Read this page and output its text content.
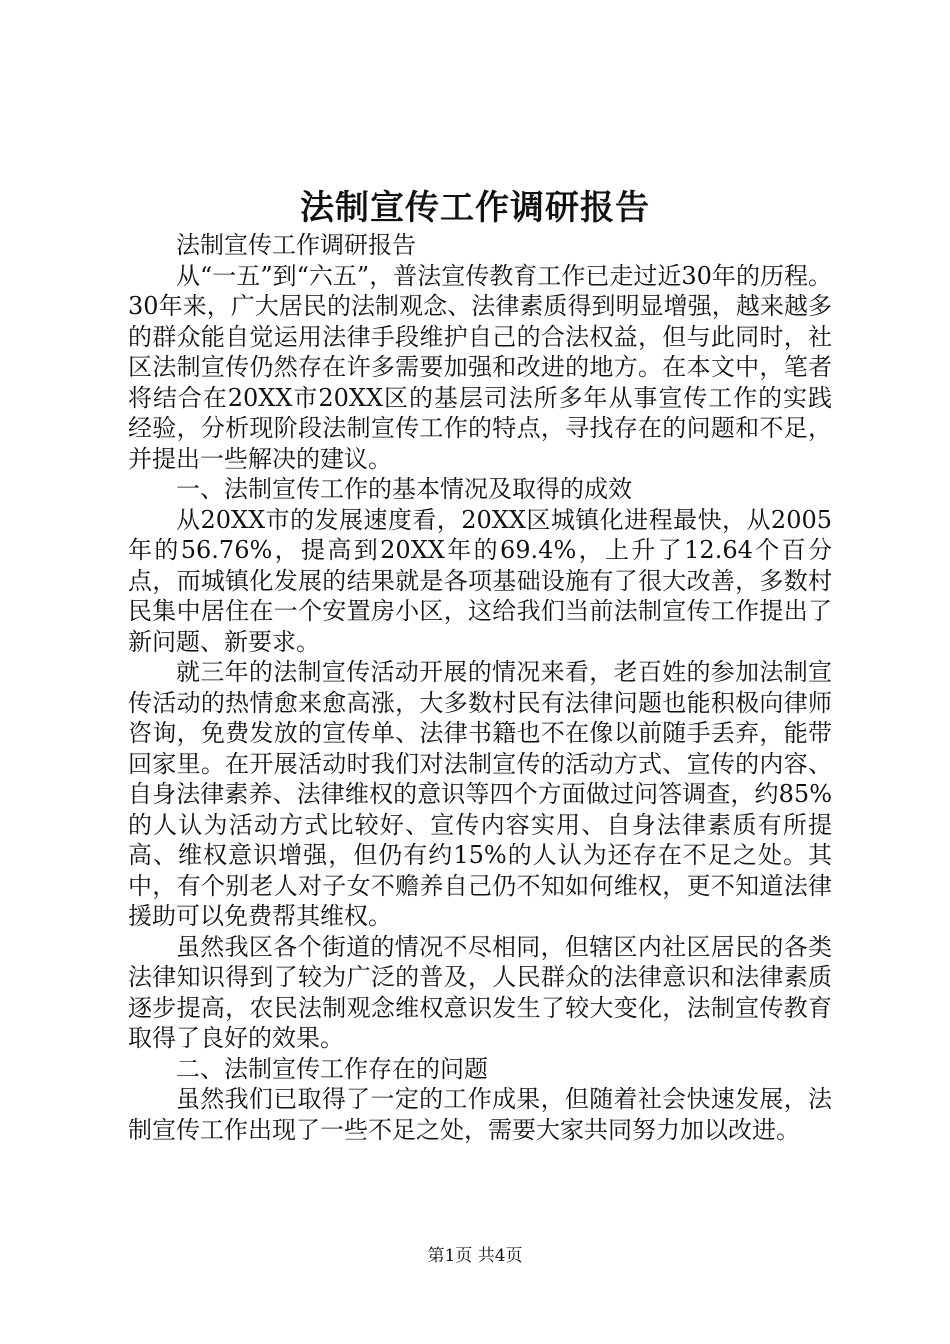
法制宣传工作调研报告

法制宣传工作调研报告

从“一五”到“六五”，普法宣传教育工作已走过近30年的历程。30年来，广大居民的法制观念、法律素质得到明显增强，越来越多的群众能自觉运用法律手段维护自己的合法权益，但与此同时，社区法制宣传仍然存在许多需要加强和改进的地方。在本文中，笔者将结合在20XX市20XX区的基层司法所多年从事宣传工作的实践经验，分析现阶段法制宣传工作的特点，寻找存在的问题和不足，并提出一些解决的建议。

一、法制宣传工作的基本情况及取得的成效

从20XX市的发展速度看，20XX区城镇化进程最快，从2005年的56.76%，提高到20XX年的69.4%，上升了12.64个百分点，而城镇化发展的结果就是各项基础设施有了很大改善，多数村民集中居住在一个安置房小区，这给我们当前法制宣传工作提出了新问题、新要求。

就三年的法制宣传活动开展的情况来看，老百姓的参加法制宣传活动的热情愈来愈高涨，大多数村民有法律问题也能积极向律师咨询，免费发放的宣传单、法律书籍也不在像以前随手丢弃，能带回家里。在开展活动时我们对法制宣传的活动方式、宣传的内容、自身法律素养、法律维权的意识等四个方面做过问答调查，约85%的人认为活动方式比较好、宣传内容实用、自身法律素质有所提高、维权意识增强，但仍有约15%的人认为还存在不足之处。其中，有个别老人对子女不赡养自己仍不知如何维权，更不知道法律援助可以免费帮其维权。

虽然我区各个街道的情况不尽相同，但辖区内社区居民的各类法律知识得到了较为广泛的普及，人民群众的法律意识和法律素质逐步提高，农民法制观念维权意识发生了较大变化，法制宣传教育取得了良好的效果。

二、法制宣传工作存在的问题

虽然我们已取得了一定的工作成果，但随着社会快速发展，法制宣传工作出现了一些不足之处，需要大家共同努力加以改进。

第1页 共4页
